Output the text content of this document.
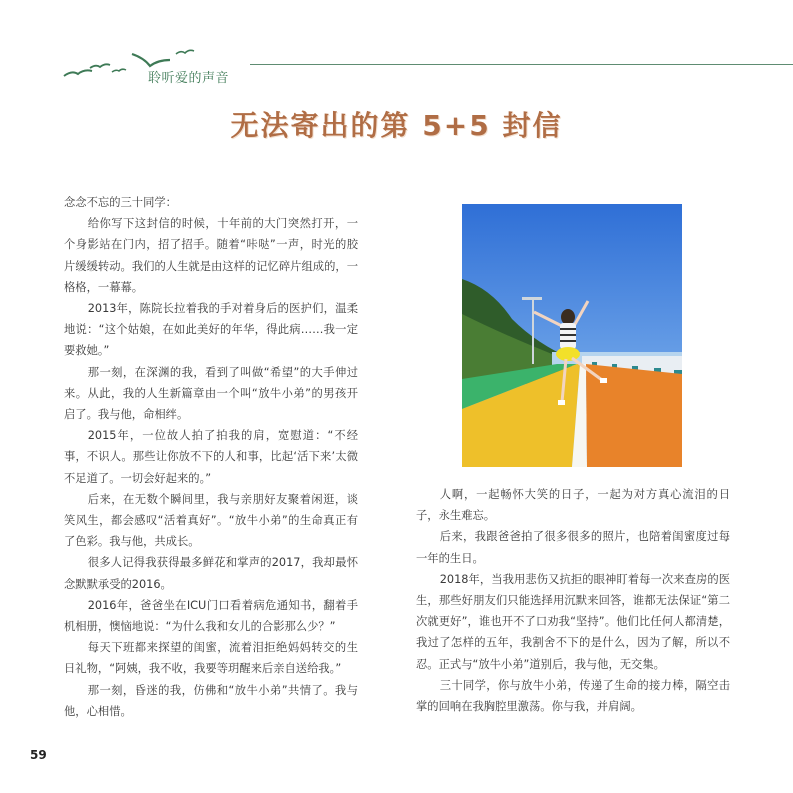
聆听爱的声音
无法寄出的第 5+5 封信

念念不忘的三十同学：

给你写下这封信的时候，十年前的大门突然打开，一个身影站在门内，招了招手。随着“咔哒”一声，时光的胶片缓缓转动。我们的人生就是由这样的记忆碎片组成的，一格格，一幕幕。

2013年，陈院长拉着我的手对着身后的医护们，温柔地说：“这个姑娘，在如此美好的年华，得此病……我一定要救她。”

那一刻，在深渊的我，看到了叫做“希望”的大手伸过来。从此，我的人生新篇章由一个叫“放牛小弟”的男孩开启了。我与他，命相绊。

2015年，一位故人拍了拍我的肩，宽慰道：“不经事，不识人。那些让你放不下的人和事，比起‘活下来’太微不足道了。一切会好起来的。”

后来，在无数个瞬间里，我与亲朋好友聚着闲逛，谈笑风生，都会感叹“活着真好”。“放牛小弟”的生命真正有了色彩。我与他，共成长。

很多人记得我获得最多鲜花和掌声的2017，我却最怀念默默承受的2016。

2016年，爸爸坐在ICU门口看着病危通知书，翻着手机相册，懊恼地说：“为什么我和女儿的合影那么少？”

每天下班都来探望的闺蜜，流着泪拒绝妈妈转交的生日礼物，“阿姨，我不收，我要等玥醒来后亲自送给我。”

那一刻，昏迷的我，仿佛和“放牛小弟”共情了。我与他，心相惜。

人啊，一起畅怀大笑的日子，一起为对方真心流泪的日子，永生难忘。

后来，我跟爸爸拍了很多很多的照片，也陪着闺蜜度过每一年的生日。

2018年，当我用悲伤又抗拒的眼神盯着每一次来查房的医生，那些好朋友们只能选择用沉默来回答，谁都无法保证“第二次就更好”，谁也开不了口劝我“坚持”。他们比任何人都清楚，我过了怎样的五年，我割舍不下的是什么，因为了解，所以不忍。正式与“放牛小弟”道别后，我与他，无交集。

三十同学，你与放牛小弟，传递了生命的接力棒，隔空击掌的回响在我胸腔里激荡。你与我，并肩阔。

59
